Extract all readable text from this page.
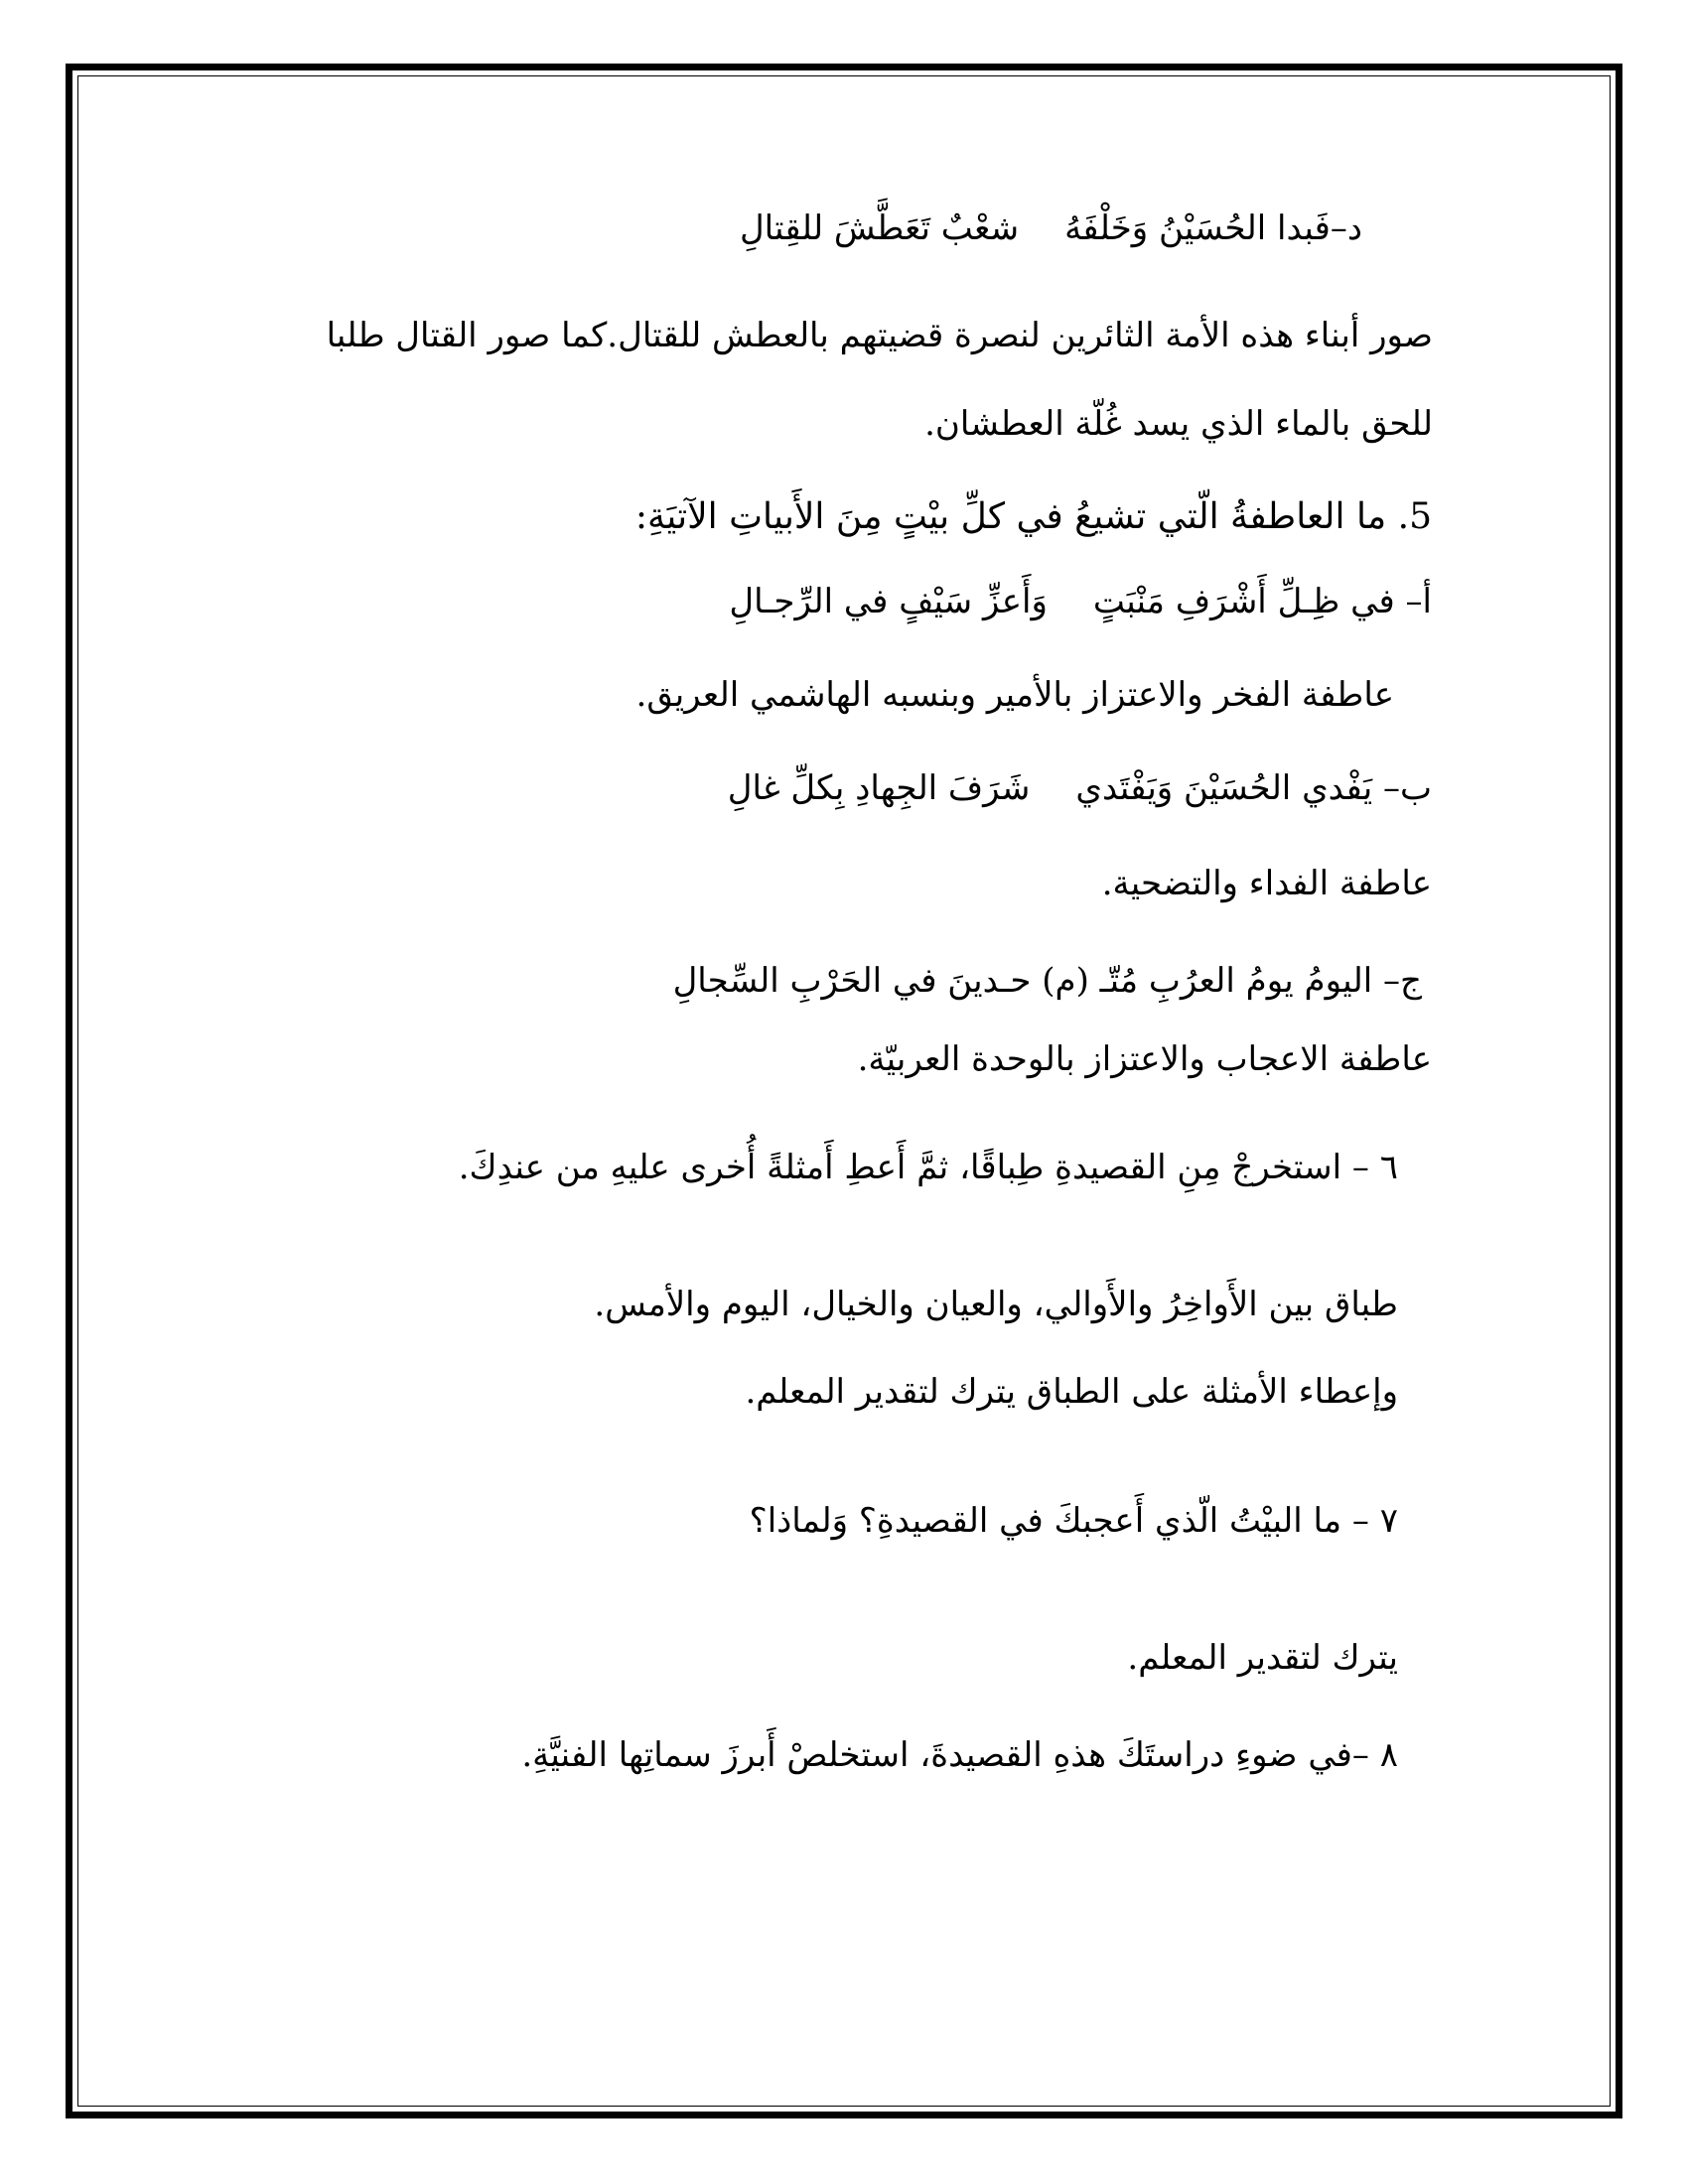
د–فَبدا الحُسَيْنُ وَخَلْفَهُشعْبٌ تَعَطَّشَ للقِتالِ
صور أبناء هذه الأمة الثائرين لنصرة قضيتهم بالعطش للقتال.كما صور القتال طلبا
للحق بالماء الذي يسد غُلّة العطشان.
5. ما العاطفةُ الّتي تشيعُ في كلِّ بيْتٍ مِنَ الأَبياتِ الآتيَةِ:
أ– في ظِـلِّ أَشْرَفِ مَنْبَتٍوَأَعزِّ سَيْفٍ في الرِّجـالِ
عاطفة الفخر والاعتزاز بالأمير وبنسبه الهاشمي العريق.
ب– يَفْدي الحُسَيْنَ وَيَفْتَديشَرَفَ الجِهادِ بِكلِّ غالِ
عاطفة الفداء والتضحية.
ج– اليومُ يومُ العرُبِ مُتّـ (م) حـدينَ في الحَرْبِ السِّجالِ
عاطفة الاعجاب والاعتزاز بالوحدة العربيّة.
٦ – استخرجْ مِنِ القصيدةِ طِباقًا، ثمَّ أَعطِ أَمثلةً أُخرى عليهِ من عندِكَ.
طباق بين الأَواخِرُ والأَوالي، والعيان والخيال، اليوم والأمس.
وإعطاء الأمثلة على الطباق يترك لتقدير المعلم.
٧ – ما البيْتُ الّذي أَعجبكَ في القصيدةِ؟ وَلماذا؟
يترك لتقدير المعلم.
٨ –في ضوءِ دراستَكَ هذهِ القصيدةَ، استخلصْ أَبرزَ سماتِها الفنيَّةِ.
